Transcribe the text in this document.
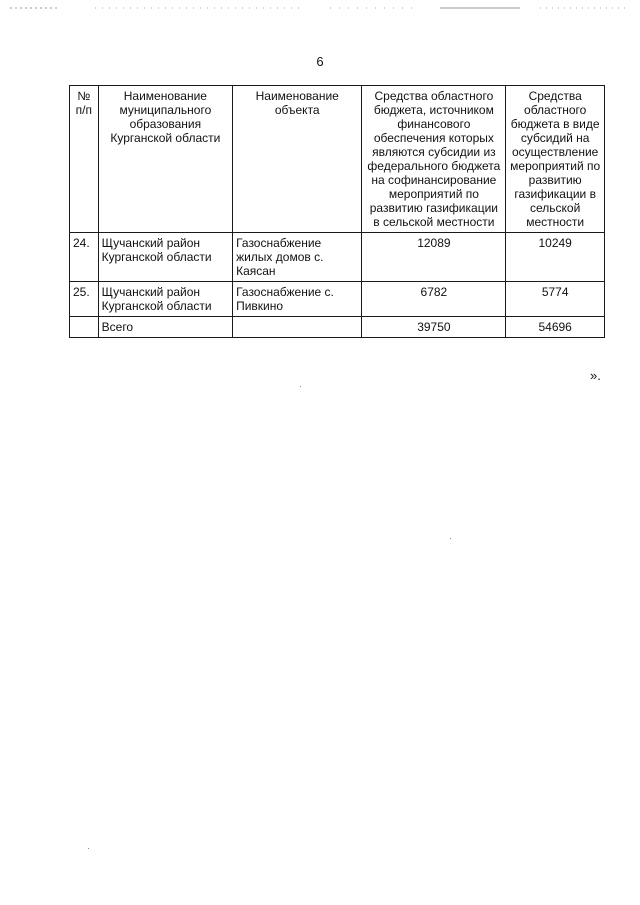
6
№ п/п	Наименование муниципального образования Курганской области	Наименование объекта	Средства областного бюджета, источником финансового обеспечения которых являются субсидии из федерального бюджета на софинансирование мероприятий по развитию газификации в сельской местности	Средства областного бюджета в виде субсидий на осуществление мероприятий по развитию газификации в сельской местности
24.	Щучанский район Курганской области	Газоснабжение жилых домов с. Каясан	12089	10249
25.	Щучанский район Курганской области	Газоснабжение с. Пивкино	6782	5774
	Всего		39750	54696
».
